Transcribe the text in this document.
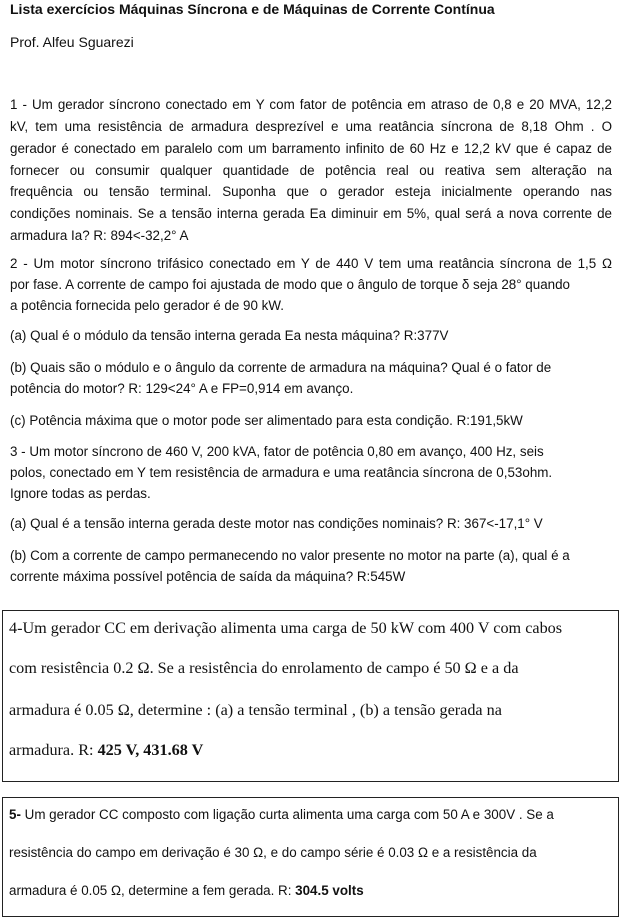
Lista exercícios Máquinas Síncrona e de Máquinas de Corrente Contínua
Prof. Alfeu Sguarezi
1 - Um gerador síncrono conectado em Y com fator de potência em atraso de 0,8 e 20 MVA, 12,2
kV, tem uma resistência de armadura desprezível e uma reatância síncrona de 8,18 Ohm . O
gerador é conectado em paralelo com um barramento infinito de 60 Hz e 12,2 kV que é capaz de
fornecer ou consumir qualquer quantidade de potência real ou reativa sem alteração na
frequência ou tensão terminal. Suponha que o gerador esteja inicialmente operando nas
condições nominais. Se a tensão interna gerada Ea diminuir em 5%, qual será a nova corrente de
armadura Ia? R: 894<-32,2° A
2 - Um motor síncrono trifásico conectado em Y de 440 V tem uma reatância síncrona de 1,5 Ω
por fase. A corrente de campo foi ajustada de modo que o ângulo de torque δ seja 28° quando
a potência fornecida pelo gerador é de 90 kW.
(a) Qual é o módulo da tensão interna gerada Ea nesta máquina? R:377V
(b) Quais são o módulo e o ângulo da corrente de armadura na máquina? Qual é o fator de
potência do motor? R: 129<24° A e FP=0,914 em avanço.
(c) Potência máxima que o motor pode ser alimentado para esta condição. R:191,5kW
3 - Um motor síncrono de 460 V, 200 kVA, fator de potência 0,80 em avanço, 400 Hz, seis
polos, conectado em Y tem resistência de armadura e uma reatância síncrona de 0,53ohm.
Ignore todas as perdas.
(a) Qual é a tensão interna gerada deste motor nas condições nominais? R: 367<-17,1° V
(b) Com a corrente de campo permanecendo no valor presente no motor na parte (a), qual é a
corrente máxima possível potência de saída da máquina? R:545W
4-Um gerador CC em derivação alimenta uma carga de 50 kW com 400 V com cabos
com resistência 0.2 Ω. Se a resistência do enrolamento de campo é 50 Ω e a da
armadura é 0.05 Ω, determine : (a) a tensão terminal , (b) a tensão gerada na
armadura. R: 425 V, 431.68 V
5- Um gerador CC composto com ligação curta alimenta uma carga com 50 A e 300V . Se a
resistência do campo em derivação é 30 Ω, e do campo série é 0.03 Ω e a resistência da
armadura é 0.05 Ω, determine a fem gerada. R: 304.5 volts
